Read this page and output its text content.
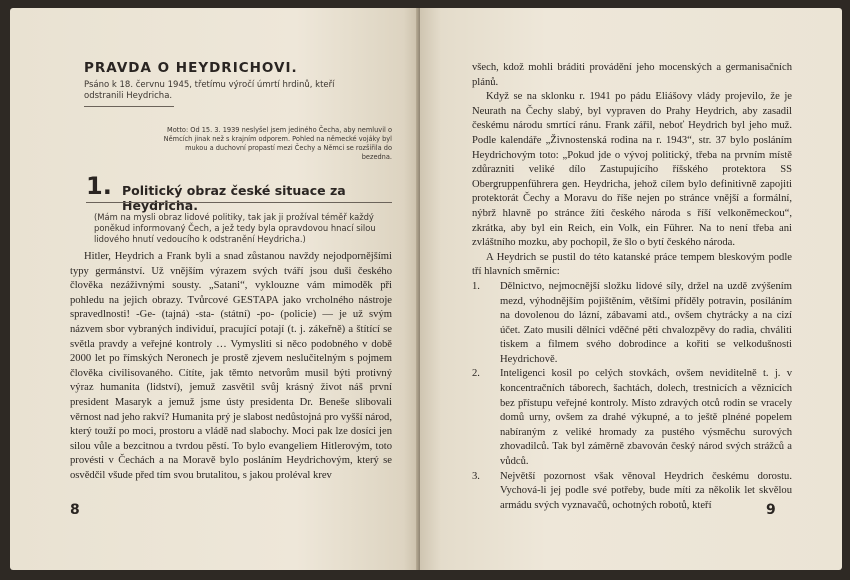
PRAVDA O HEYDRICHOVI.
Psáno k 18. červnu 1945, třetímu výročí úmrtí hrdinů, kteří odstranili Heydricha.
Motto: Od 15. 3. 1939 neslyšel jsem jediného Čecha, aby nemluvil o Němcích jinak než s krajním odporem. Pohled na německé vojáky byl mukou a duchovní propastí mezi Čechy a Němci se rozšířila do bezedna.
1. Politický obraz české situace za Heydricha.
(Mám na mysli obraz lidové politiky, tak jak ji prožíval téměř každý poněkud informovaný Čech, a jež tedy byla opravdovou hnací silou lidového hnutí vedoucího k odstranění Heydricha.)

Hitler, Heydrich a Frank byli a snad zůstanou navždy nejodpornějšími typy germánství. Už vnějším výrazem svých tváří jsou duši českého člověka nezáživnými sousty. „Satani“, vyklouzne vám mimoděk při pohledu na jejich obrazy. Tvůrcové GESTAPA jako vrcholného nástroje spravedlnosti! -Ge- (tajná) -sta- (státní) -po- (policie) — je už svým názvem sbor vybraných individuí, pracující potají (t. j. zákeřně) a štítící se světla pravdy a veřejné kontroly … Vymysliti si něco podobného v době 2000 let po římských Neronech je prostě zjevem neslučitelným s pojmem člověka civilisovaného. Cítíte, jak těmto netvorům musil býti protivný výraz humanita (lidství), jemuž zasvětil svůj krásný život náš první president Masaryk a jemuž jsme ústy presidenta Dr. Beneše slibovali věrnost nad jeho rakví? Humanita prý je slabost nedůstojná pro vyšší národ, který touží po moci, prostoru a vládě nad slabochy. Moci pak lze dosíci jen silou vůle a bezcitnou a tvrdou pěstí. To bylo evangeliem Hitlerovým, toto provésti v Čechách a na Moravě bylo posláním Heydrichovým, který se osvědčil všude před tím svou brutalitou, s jakou proléval krev

8

všech, kdož mohli bráditi provádění jeho mocenských a germanisačních plánů.

Když se na sklonku r. 1941 po pádu Eliášovy vlády projevilo, že je Neurath na Čechy slabý, byl vypraven do Prahy Heydrich, aby zasadil českému národu smrtící ránu. Frank zářil, neboť Heydrich byl jeho muž. Podle kalendáře „Živnostenská rodina na r. 1943“, str. 37 bylo posláním Heydrichovým toto: „Pokud jde o vývoj politický, třeba na prvním místě zdůrazniti veliké dílo Zastupujícího říšského protektora SS Obergruppenführera gen. Heydricha, jehož cílem bylo definitivně zapojiti protektorát Čechy a Moravu do říše nejen po stránce vnější a formální, nýbrž hlavně po stránce žíti českého národa s říší velkoněmeckou“, zkrátka, aby byl ein Reich, ein Volk, ein Führer. Na to není třeba ani zvláštního mozku, aby pochopil, že šlo o bytí českého národa.

A Heydrich se pustil do této katanské práce tempem bleskovým podle tří hlavních směrnic:

1.	Dělnictvo, nejmocnější složku lidové síly, držel na uzdě zvýšením mezd, výhodnějším pojištěním, většími příděly potravin, posíláním na dovolenou do lázní, zábavami atd., ovšem chytrácky a na cizí účet. Zato musili dělníci vděčné pěti chvalozpěvy do radia, chváliti tiskem a filmem svého dobrodince a kořiti se velkodušnosti Heydrichově.
2.	Inteligenci kosil po celých stovkách, ovšem neviditelně t. j. v koncentračních táborech, šachtách, dolech, trestnicích a věznicích bez přístupu veřejné kontroly. Místo zdravých otců rodin se vracely domů urny, ovšem za drahé výkupné, a to ještě plnéné popelem nabíraným z veliké hromady za pustého výsměchu surových zhovadilců. Tak byl záměrně zbavován český národ svých strážců a vůdců.
3.	Největší pozornost však věnoval Heydrich českému dorostu. Vychová-li jej podle své potřeby, bude míti za několik let skvělou armádu svých vyznavačů, ochotných robotů, kteří	9
